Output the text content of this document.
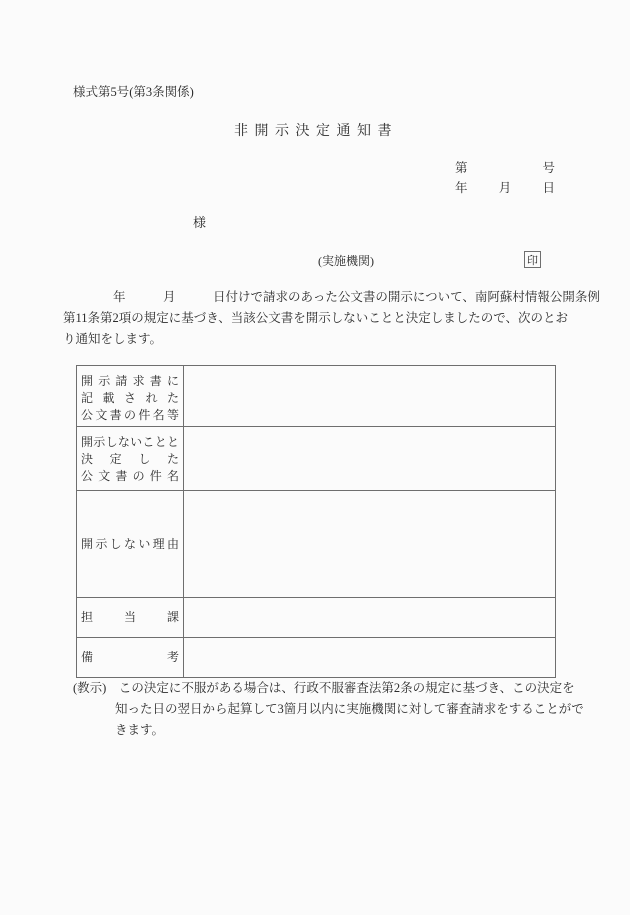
様式第5号(第3条関係)
非開示決定通知書
第	号
年 月 日
様
(実施機関)	印
　　　　年　　　月　　　日付けで請求のあった公文書の開示について、南阿蘇村情報公開条例
第11条第2項の規定に基づき、当該公文書を開示しないことと決定しましたので、次のとお
り通知をします。
開示請求書に
記載された
公文書の件名等
開示しないことと
決定した
公文書の件名
開示しない理由
担当課
備考
(教示)　この決定に不服がある場合は、行政不服審査法第2条の規定に基づき、この決定を
知った日の翌日から起算して3箇月以内に実施機関に対して審査請求をすることがで
きます。
